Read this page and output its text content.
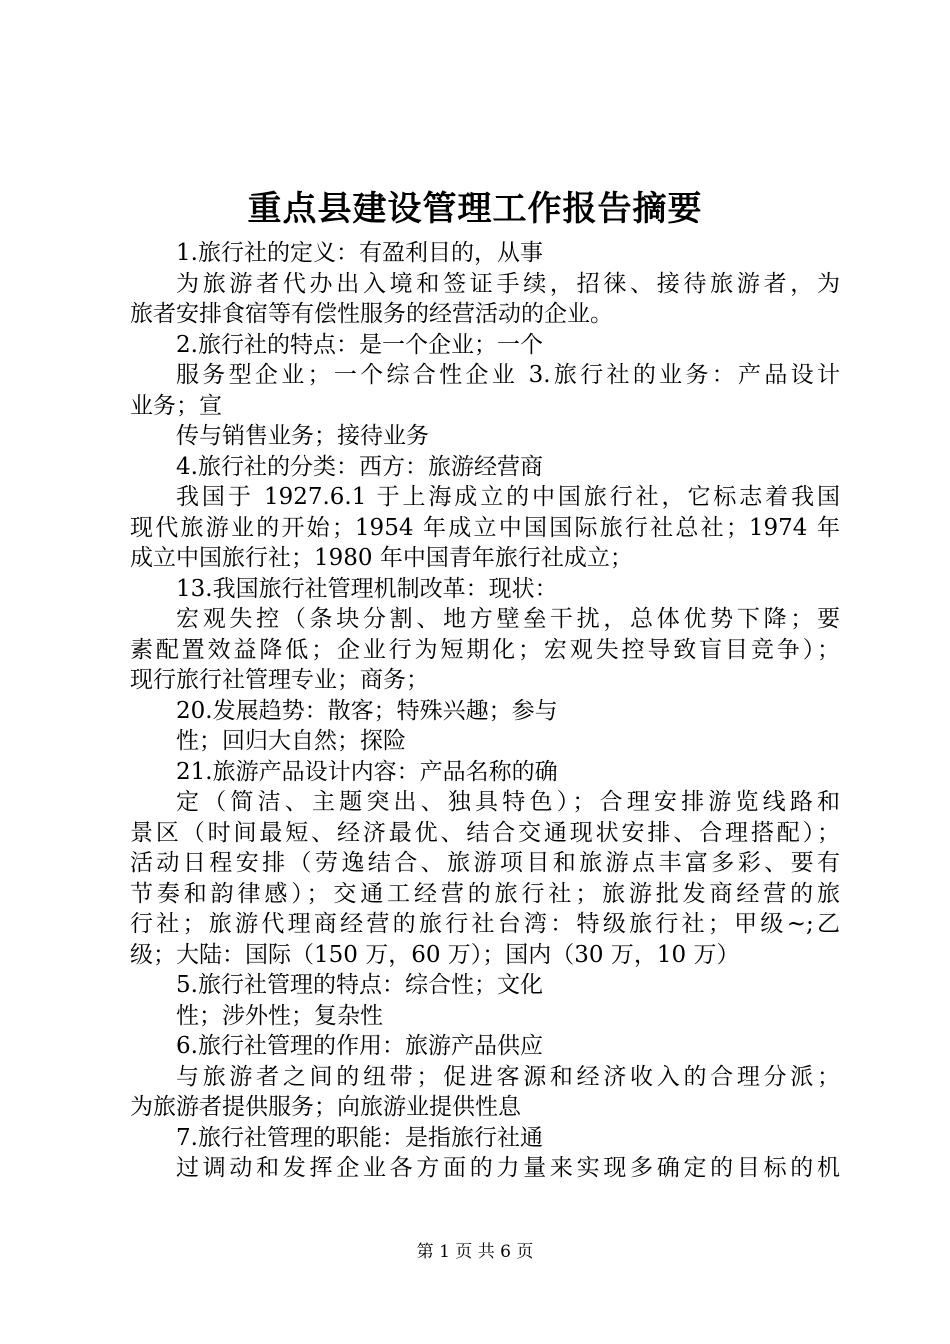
重点县建设管理工作报告摘要
1.旅行社的定义：有盈利目的，从事
为旅游者代办出入境和签证手续，招徕、接待旅游者，为
旅者安排食宿等有偿性服务的经营活动的企业。
2.旅行社的特点：是一个企业；一个
服务型企业；一个综合性企业 3.旅行社的业务：产品设计
业务；宣
传与销售业务；接待业务
4.旅行社的分类：西方：旅游经营商
我国于 1927.6.1 于上海成立的中国旅行社，它标志着我国
现代旅游业的开始；1954 年成立中国国际旅行社总社；1974 年
成立中国旅行社；1980 年中国青年旅行社成立；
13.我国旅行社管理机制改革：现状：
宏观失控（条块分割、地方壁垒干扰，总体优势下降；要
素配置效益降低；企业行为短期化；宏观失控导致盲目竞争）；
现行旅行社管理专业；商务；
20.发展趋势：散客；特殊兴趣；参与
性；回归大自然；探险
21.旅游产品设计内容：产品名称的确
定（简洁、主题突出、独具特色）；合理安排游览线路和
景区（时间最短、经济最优、结合交通现状安排、合理搭配）；
活动日程安排（劳逸结合、旅游项目和旅游点丰富多彩、要有
节奏和韵律感）；交通工经营的旅行社；旅游批发商经营的旅
行社；旅游代理商经营的旅行社台湾：特级旅行社；甲级~;乙
级；大陆：国际（150 万，60 万）；国内（30 万，10 万）
5.旅行社管理的特点：综合性；文化
性；涉外性；复杂性
6.旅行社管理的作用：旅游产品供应
与旅游者之间的纽带；促进客源和经济收入的合理分派；
为旅游者提供服务；向旅游业提供性息
7.旅行社管理的职能：是指旅行社通
过调动和发挥企业各方面的力量来实现多确定的目标的机
第 1 页 共 6 页
